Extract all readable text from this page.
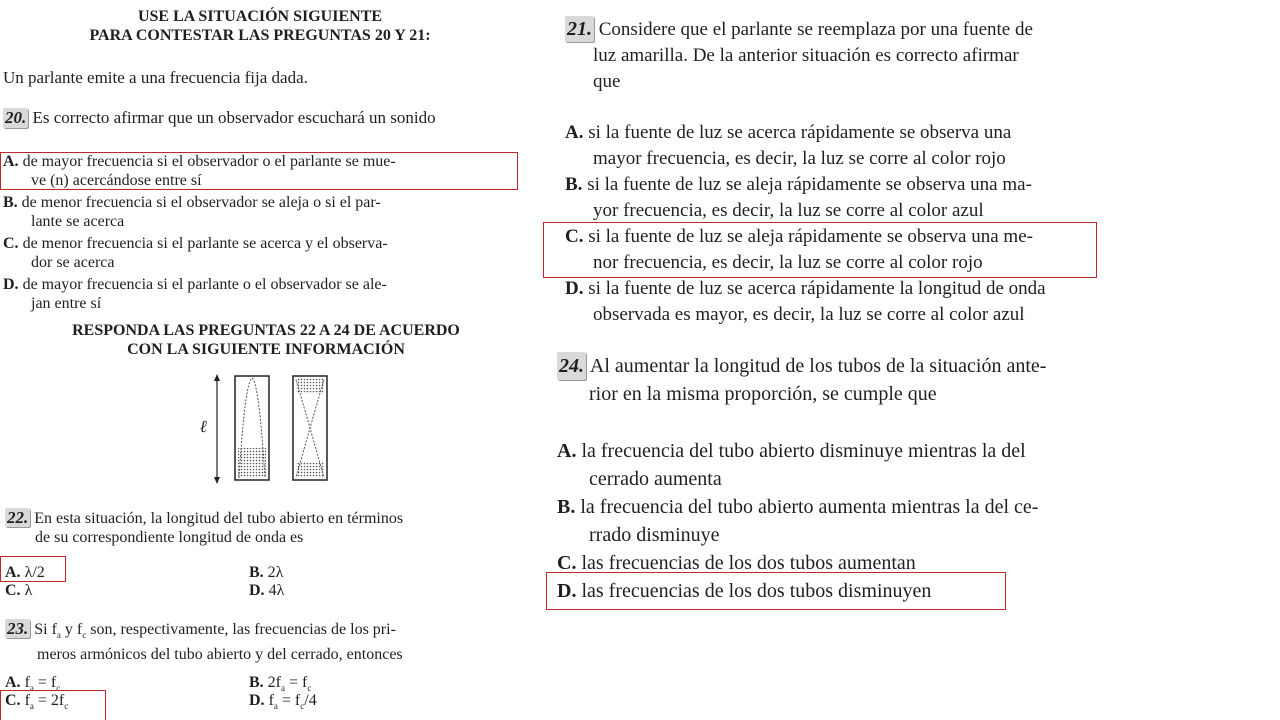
USE LA SITUACIÓN SIGUIENTE
PARA CONTESTAR LAS PREGUNTAS 20 Y 21:
Un parlante emite a una frecuencia fija dada.
20. Es correcto afirmar que un observador escuchará un sonido
A. de mayor frecuencia si el observador o el parlante se mue-
ve (n) acercándose entre sí
B. de menor frecuencia si el observador se aleja o si el par-
lante se acerca
C. de menor frecuencia si el parlante se acerca y el observa-
dor se acerca
D. de mayor frecuencia si el parlante o el observador se ale-
jan entre sí
RESPONDA LAS PREGUNTAS 22 A 24 DE ACUERDO
CON LA SIGUIENTE INFORMACIÓN
ℓ
22. En esta situación, la longitud del tubo abierto en términos
de su correspondiente longitud de onda es
A. λ/2	B. 2λ
C. λ	D. 4λ
23. Si $f_a$ y $f_c$ son, respectivamente, las frecuencias de los pri-
meros armónicos del tubo abierto y del cerrado, entonces
A. $f_a = f_c$	B. $2f_a = f_c$
C. $f_a = 2f_c$	D. $f_a = f_c/4$
21. Considere que el parlante se reemplaza por una fuente de
luz amarilla. De la anterior situación es correcto afirmar
que
A. si la fuente de luz se acerca rápidamente se observa una
mayor frecuencia, es decir, la luz se corre al color rojo
B. si la fuente de luz se aleja rápidamente se observa una ma-
yor frecuencia, es decir, la luz se corre al color azul
C. si la fuente de luz se aleja rápidamente se observa una me-
nor frecuencia, es decir, la luz se corre al color rojo
D. si la fuente de luz se acerca rápidamente la longitud de onda
observada es mayor, es decir, la luz se corre al color azul
24. Al aumentar la longitud de los tubos de la situación ante-
rior en la misma proporción, se cumple que
A. la frecuencia del tubo abierto disminuye mientras la del
cerrado aumenta
B. la frecuencia del tubo abierto aumenta mientras la del ce-
rrado disminuye
C. las frecuencias de los dos tubos aumentan
D. las frecuencias de los dos tubos disminuyen
